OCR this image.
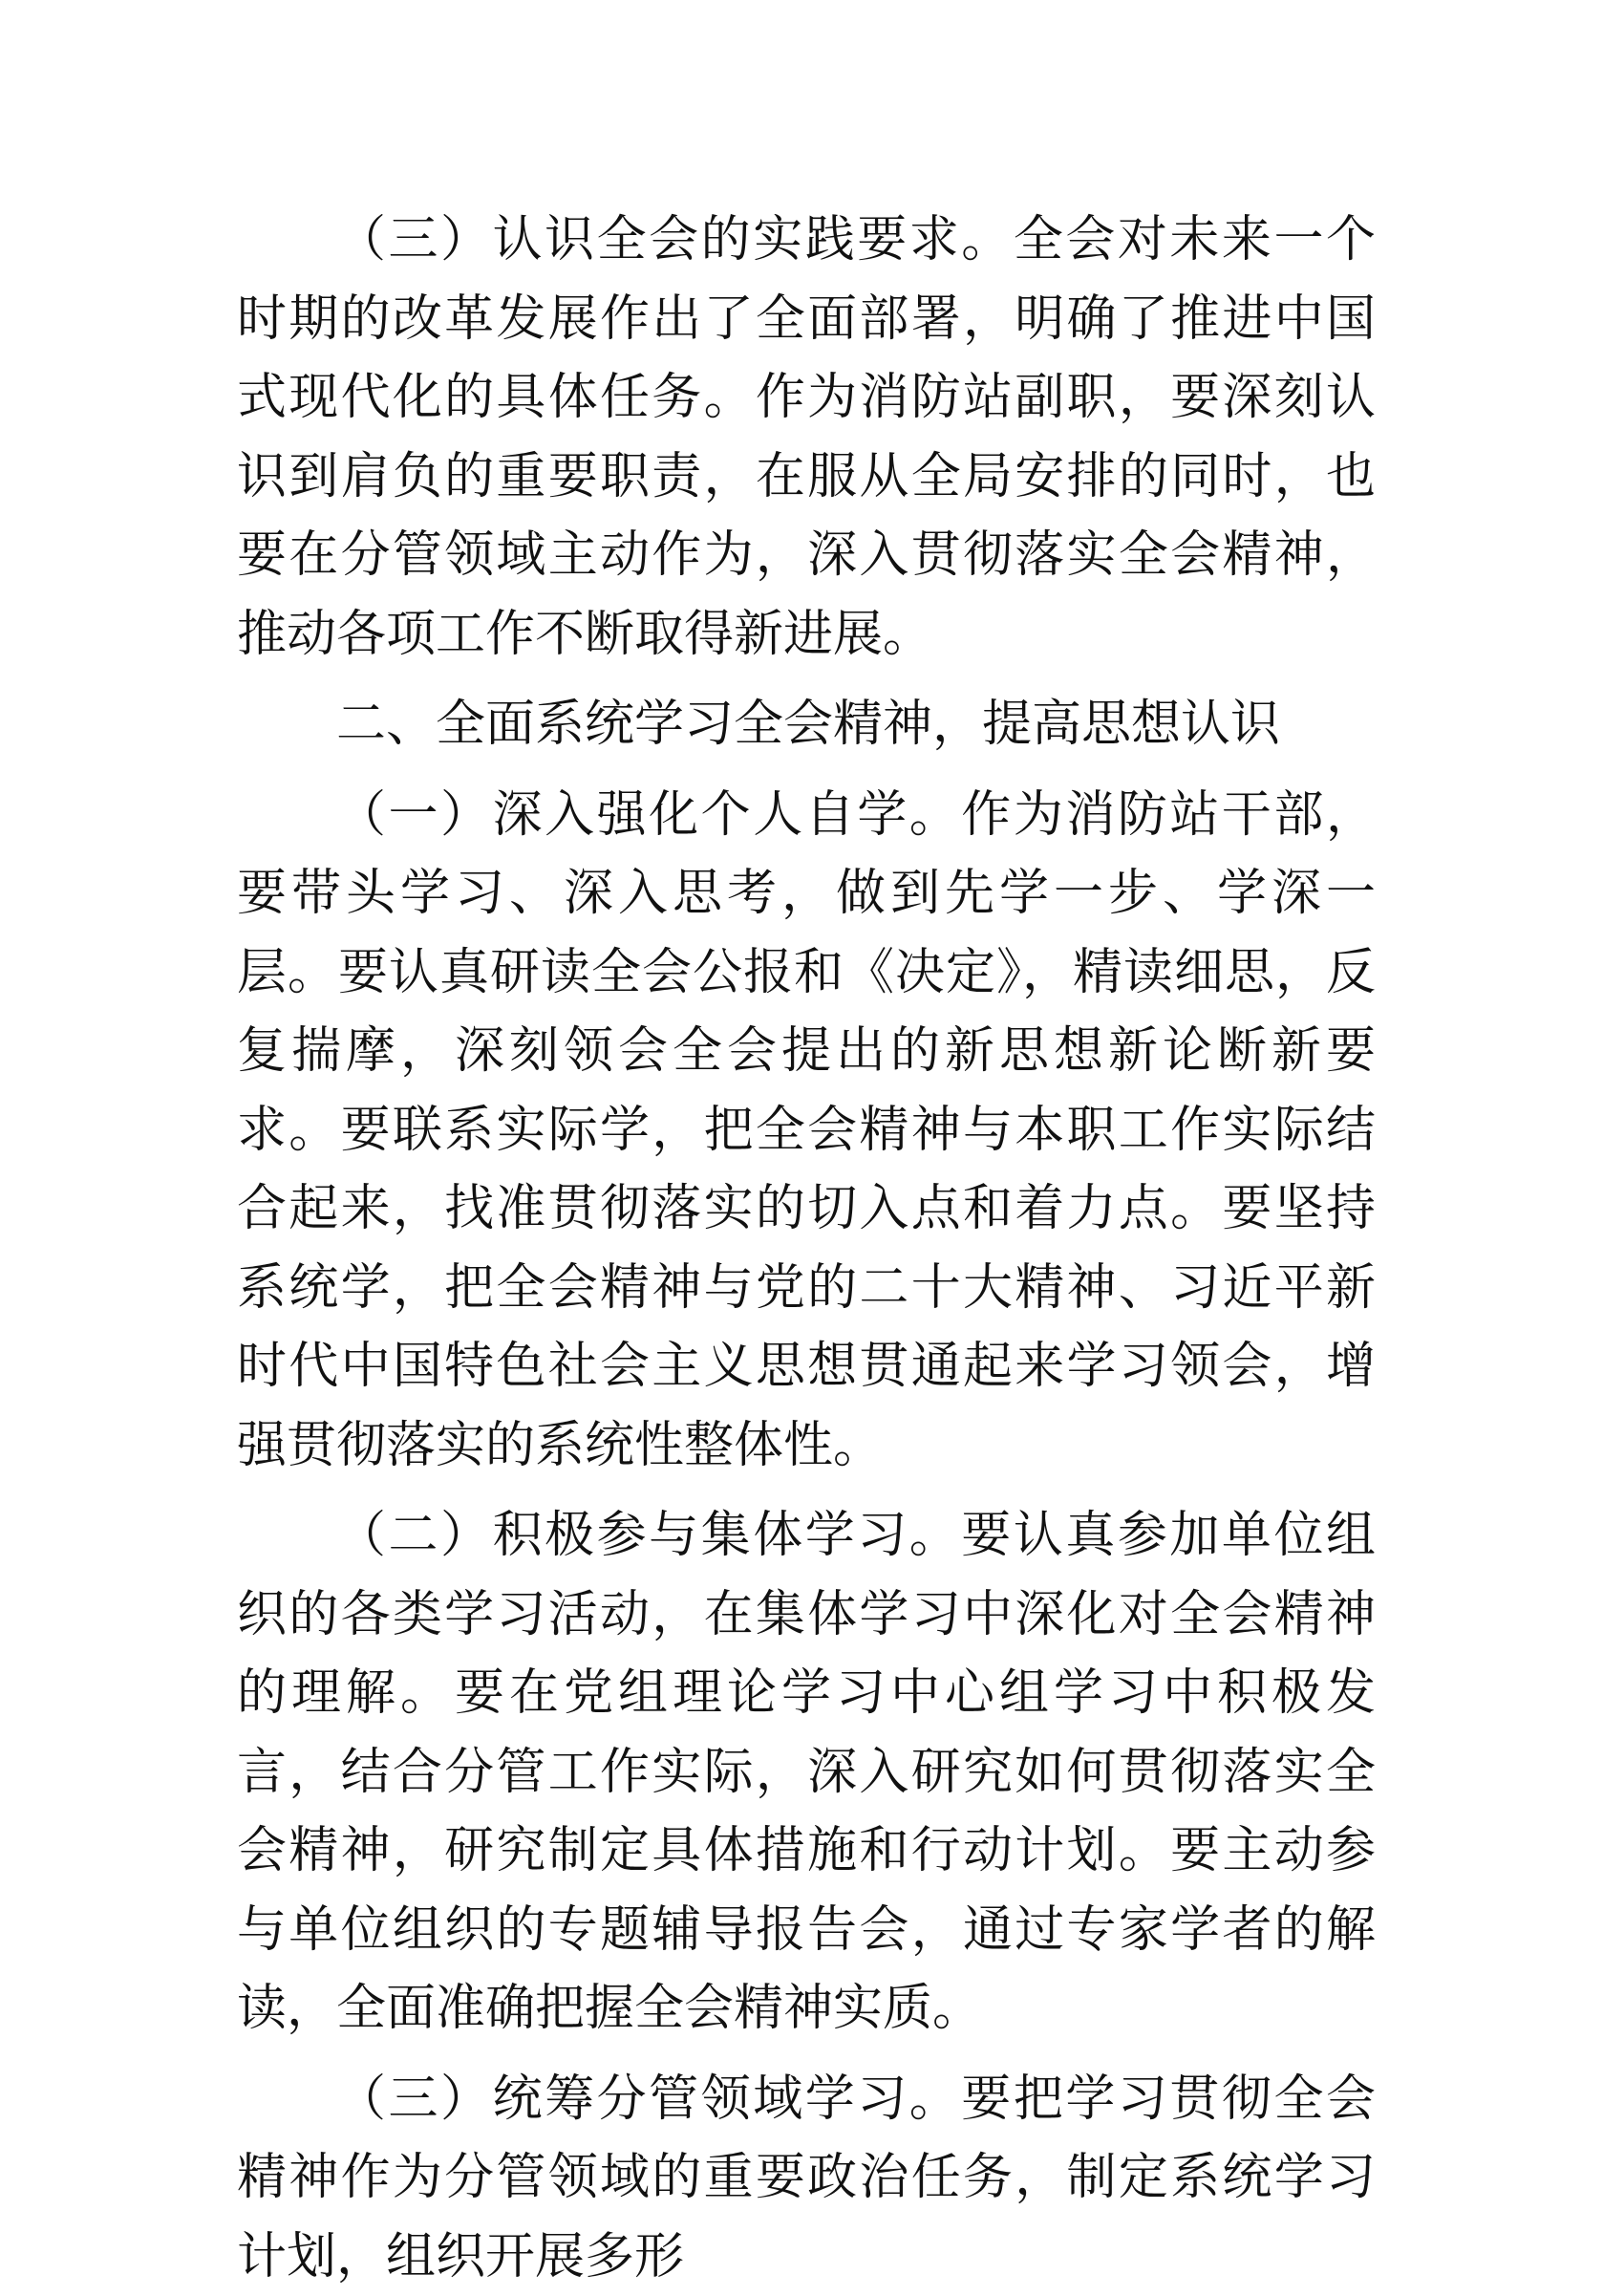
（三）认识全会的实践要求。全会对未来一个时期的改革发展作出了全面部署，明确了推进中国式现代化的具体任务。作为消防站副职，要深刻认识到肩负的重要职责，在服从全局安排的同时，也要在分管领域主动作为，深入贯彻落实全会精神，推动各项工作不断取得新进展。

二、全面系统学习全会精神，提高思想认识

（一）深入强化个人自学。作为消防站干部，要带头学习、深入思考，做到先学一步、学深一层。要认真研读全会公报和《决定》，精读细思，反复揣摩，深刻领会全会提出的新思想新论断新要求。要联系实际学，把全会精神与本职工作实际结合起来，找准贯彻落实的切入点和着力点。要坚持系统学，把全会精神与党的二十大精神、习近平新时代中国特色社会主义思想贯通起来学习领会，增强贯彻落实的系统性整体性。

（二）积极参与集体学习。要认真参加单位组织的各类学习活动，在集体学习中深化对全会精神的理解。要在党组理论学习中心组学习中积极发言，结合分管工作实际，深入研究如何贯彻落实全会精神，研究制定具体措施和行动计划。要主动参与单位组织的专题辅导报告会，通过专家学者的解读，全面准确把握全会精神实质。

（三）统筹分管领域学习。要把学习贯彻全会精神作为分管领域的重要政治任务，制定系统学习计划，组织开展多形
